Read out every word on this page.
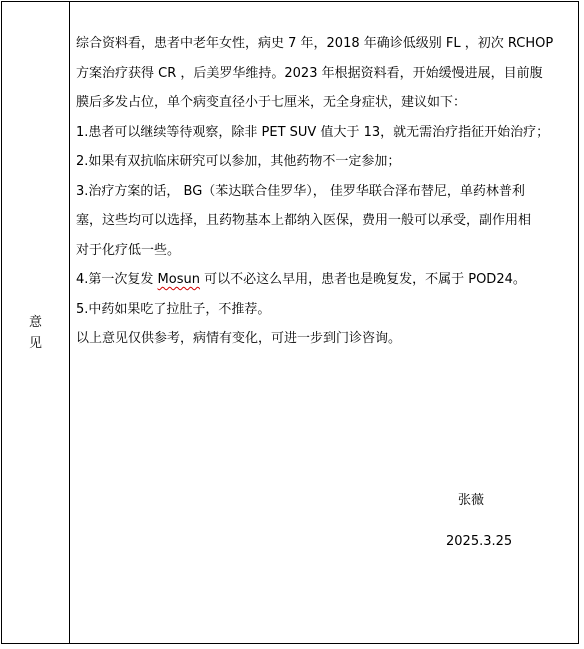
意
见

综合资料看，患者中老年女性，病史 7 年，2018 年确诊低级别 FL ，初次 RCHOP

方案治疗获得 CR ，后美罗华维持。2023 年根据资料看，开始缓慢进展，目前腹

膜后多发占位，单个病变直径小于七厘米，无全身症状，建议如下：

1.患者可以继续等待观察，除非 PET SUV 值大于 13，就无需治疗指征开始治疗；

2.如果有双抗临床研究可以参加，其他药物不一定参加；

3.治疗方案的话， BG（苯达联合佳罗华）， 佳罗华联合泽布替尼，单药林普利

塞，这些均可以选择，且药物基本上都纳入医保，费用一般可以承受，副作用相

对于化疗低一些。

4.第一次复发 Mosun 可以不必这么早用，患者也是晚复发，不属于 POD24。

5.中药如果吃了拉肚子，不推荐。

以上意见仅供参考，病情有变化，可进一步到门诊咨询。

张薇
2025.3.25
